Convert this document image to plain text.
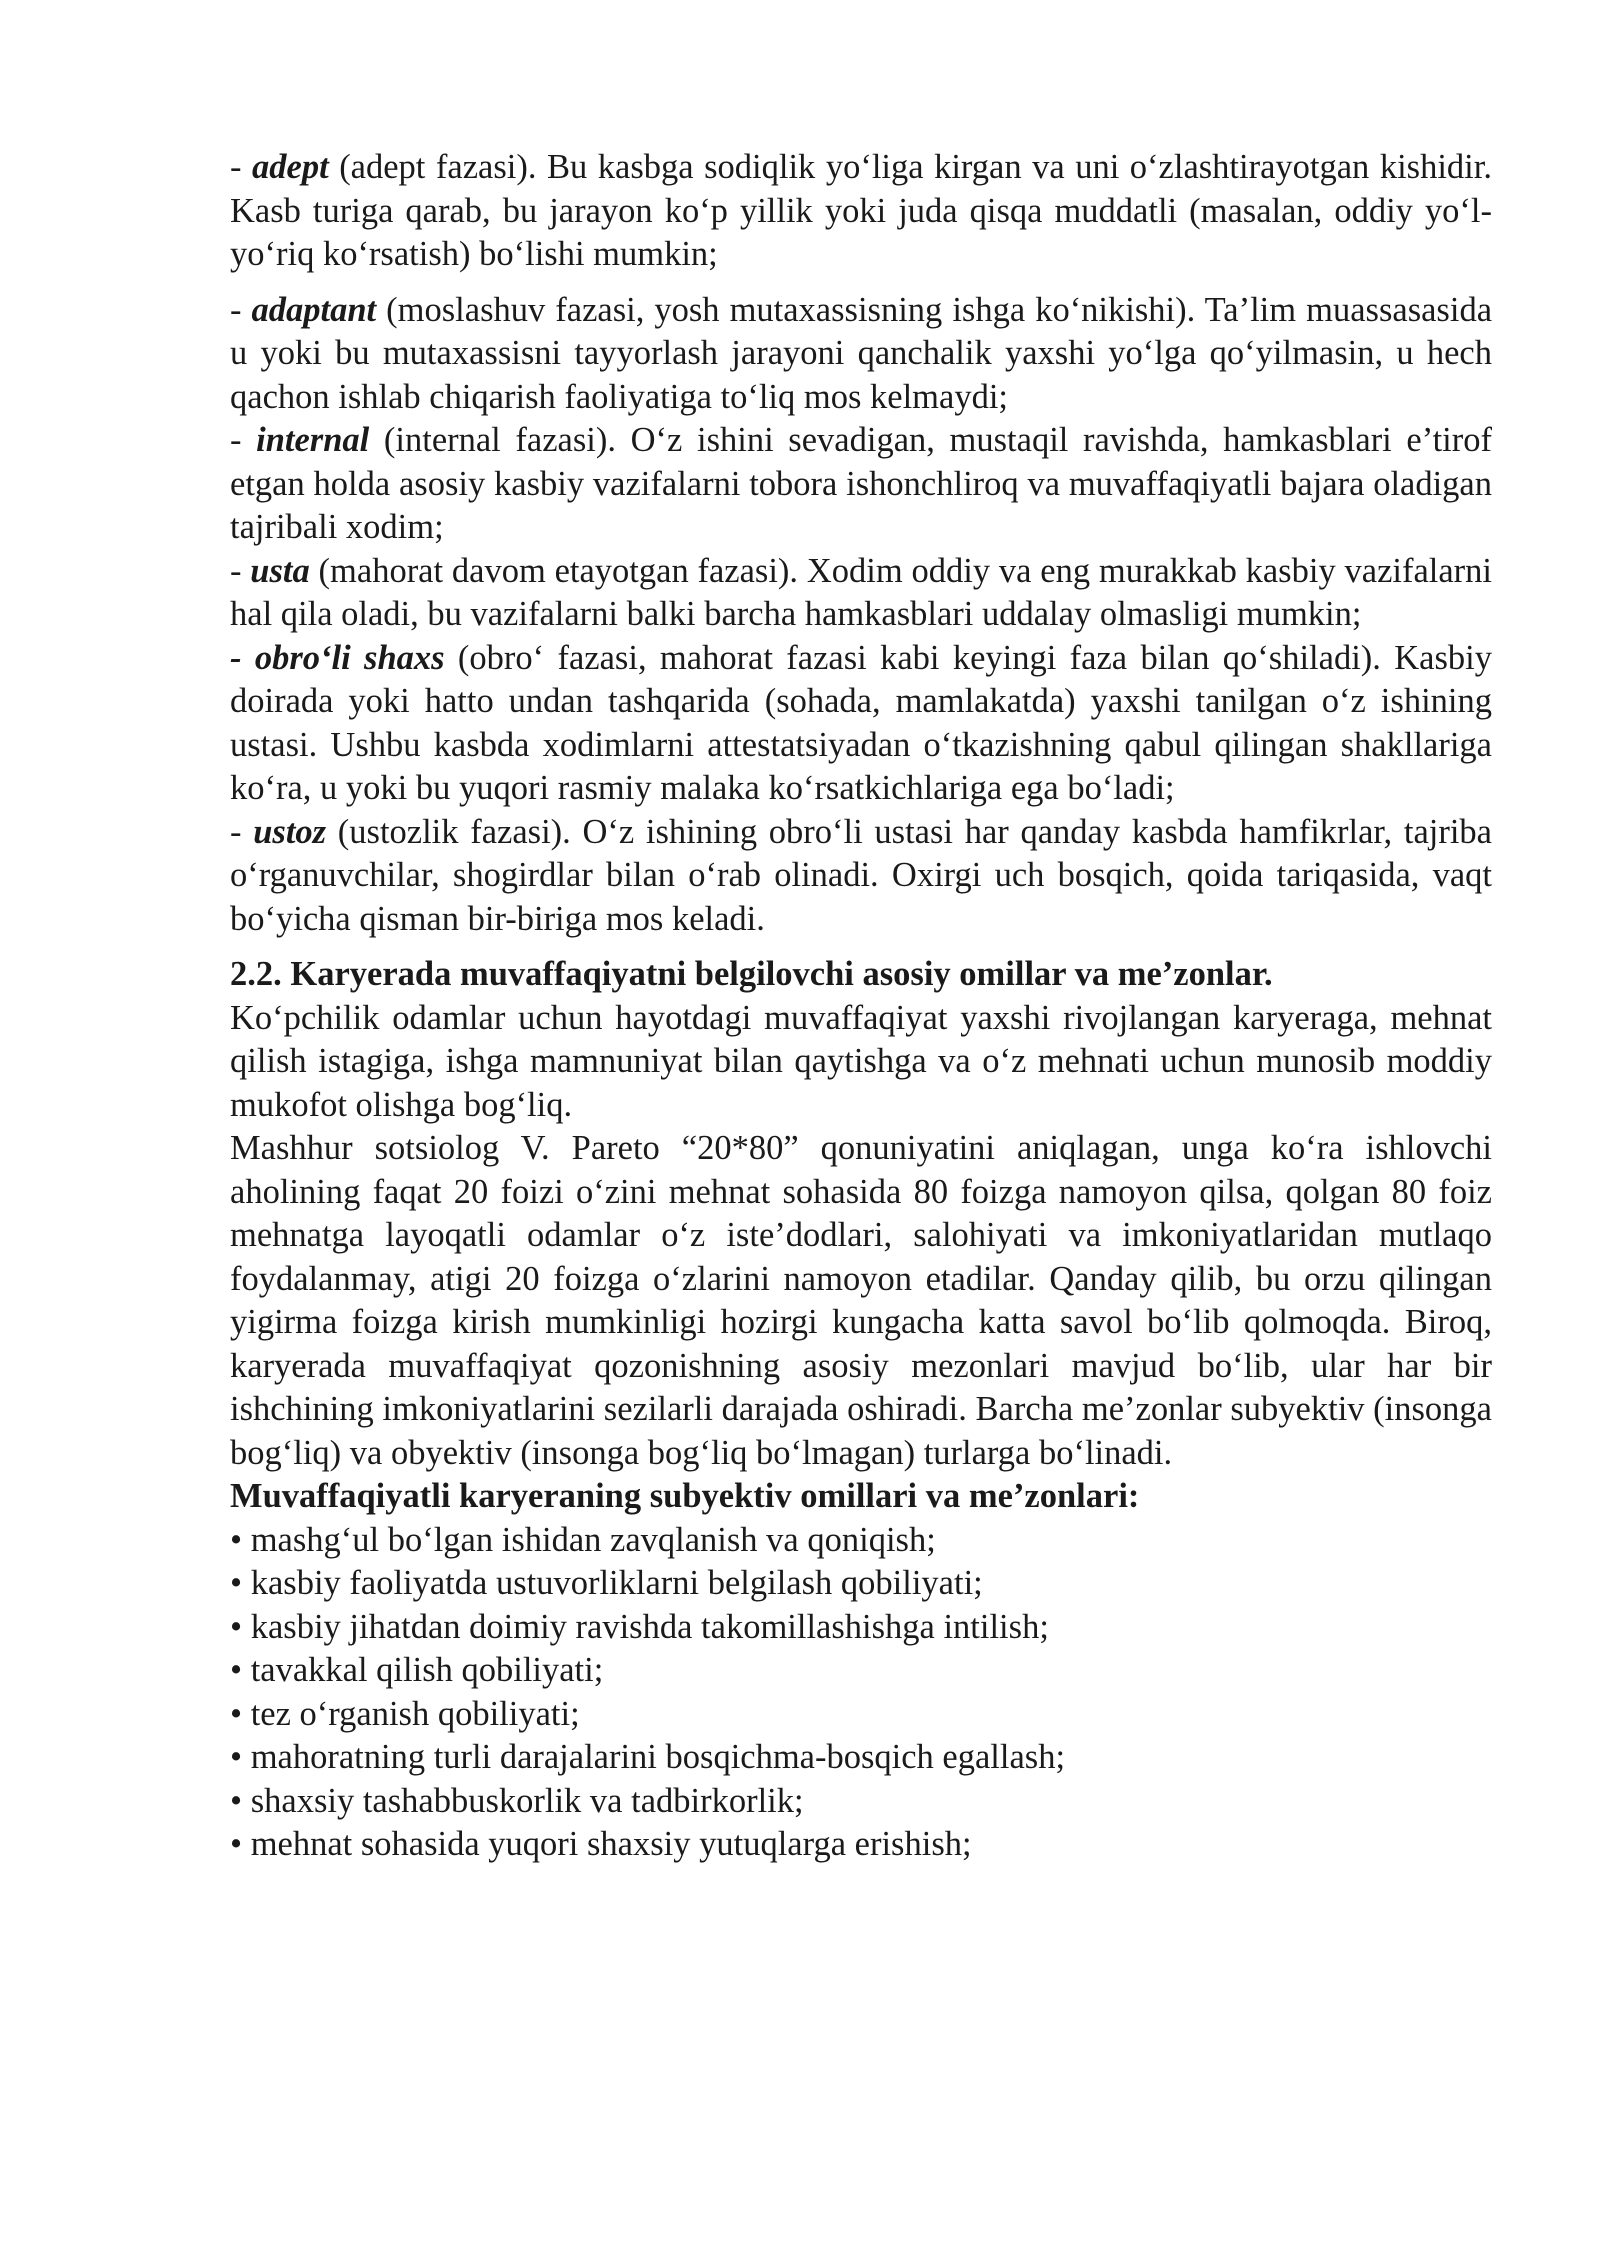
- adept (adept fazasi). Bu kasbga sodiqlik yo‘liga kirgan va uni o‘zlashtirayotgan kishidir. Kasb turiga qarab, bu jarayon ko‘p yillik yoki juda qisqa muddatli (masalan, oddiy yo‘l-yo‘riq ko‘rsatish) bo‘lishi mumkin;

- adaptant (moslashuv fazasi, yosh mutaxassisning ishga ko‘nikishi). Ta’lim muassasasida u yoki bu mutaxassisni tayyorlash jarayoni qanchalik yaxshi yo‘lga qo‘yilmasin, u hech qachon ishlab chiqarish faoliyatiga to‘liq mos kelmaydi;

- internal (internal fazasi). O‘z ishini sevadigan, mustaqil ravishda, hamkasblari e’tirof etgan holda asosiy kasbiy vazifalarni tobora ishonchliroq va muvaffaqiyatli bajara oladigan tajribali xodim;

- usta (mahorat davom etayotgan fazasi). Xodim oddiy va eng murakkab kasbiy vazifalarni hal qila oladi, bu vazifalarni balki barcha hamkasblari uddalay olmasligi mumkin;

- obro‘li shaxs (obro‘ fazasi, mahorat fazasi kabi keyingi faza bilan qo‘shiladi). Kasbiy doirada yoki hatto undan tashqarida (sohada, mamlakatda) yaxshi tanilgan o‘z ishining ustasi. Ushbu kasbda xodimlarni attestatsiyadan o‘tkazishning qabul qilingan shakllariga ko‘ra, u yoki bu yuqori rasmiy malaka ko‘rsatkichlariga ega bo‘ladi;

- ustoz (ustozlik fazasi). O‘z ishining obro‘li ustasi har qanday kasbda hamfikrlar, tajriba o‘rganuvchilar, shogirdlar bilan o‘rab olinadi. Oxirgi uch bosqich, qoida tariqasida, vaqt bo‘yicha qisman bir-biriga mos keladi.

2.2. Karyerada muvaffaqiyatni belgilovchi asosiy omillar va me’zonlar.

Ko‘pchilik odamlar uchun hayotdagi muvaffaqiyat yaxshi rivojlangan karyeraga, mehnat qilish istagiga, ishga mamnuniyat bilan qaytishga va o‘z mehnati uchun munosib moddiy mukofot olishga bog‘liq.

Mashhur sotsiolog V. Pareto “20*80” qonuniyatini aniqlagan, unga ko‘ra ishlovchi aholining faqat 20 foizi o‘zini mehnat sohasida 80 foizga namoyon qilsa, qolgan 80 foiz mehnatga layoqatli odamlar o‘z iste’dodlari, salohiyati va imkoniyatlaridan mutlaqo foydalanmay, atigi 20 foizga o‘zlarini namoyon etadilar. Qanday qilib, bu orzu qilingan yigirma foizga kirish mumkinligi hozirgi kungacha katta savol bo‘lib qolmoqda. Biroq, karyerada muvaffaqiyat qozonishning asosiy mezonlari mavjud bo‘lib, ular har bir ishchining imkoniyatlarini sezilarli darajada oshiradi. Barcha me’zonlar subyektiv (insonga bog‘liq) va obyektiv (insonga bog‘liq bo‘lmagan) turlarga bo‘linadi.

Muvaffaqiyatli karyeraning subyektiv omillari va me’zonlari:

• mashg‘ul bo‘lgan ishidan zavqlanish va qoniqish;
• kasbiy faoliyatda ustuvorliklarni belgilash qobiliyati;
• kasbiy jihatdan doimiy ravishda takomillashishga intilish;
• tavakkal qilish qobiliyati;
• tez o‘rganish qobiliyati;
• mahoratning turli darajalarini bosqichma-bosqich egallash;
• shaxsiy tashabbuskorlik va tadbirkorlik;
• mehnat sohasida yuqori shaxsiy yutuqlarga erishish;
